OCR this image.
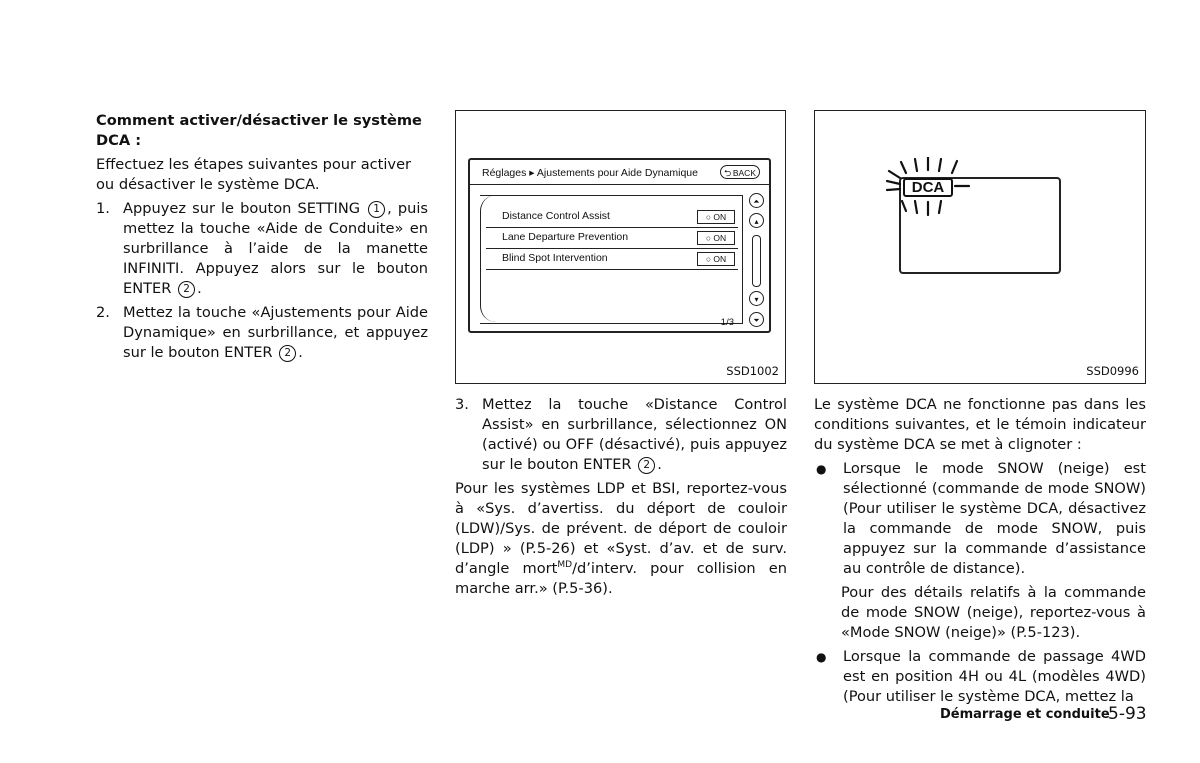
Comment activer/désactiver le système DCA :

Effectuez les étapes suivantes pour activer ou désactiver le système DCA.

1. Appuyez sur le bouton SETTING 1 , puis mettez la touche «Aide de Conduite» en surbrillance à l’aide de la manette INFINITI. Appuyez alors sur le bouton ENTER 2 .
2. Mettez la touche «Ajustements pour Aide Dynamique» en surbrillance, et appuyez sur le bouton ENTER 2 .
Réglages ▸ Ajustements pour Aide Dynamique	⮌ BACK
Distance Control Assist	○ ON
Lane Departure Prevention	○ ON
Blind Spot Intervention	○ ON
1/3
⏶
▴
▾
⏷
SSD1002
DCA
SSD0996
3. Mettez la touche «Distance Control Assist» en surbrillance, sélectionnez ON (activé) ou OFF (désactivé), puis appuyez sur le bouton ENTER 2 .

Pour les systèmes LDP et BSI, reportez-vous à «Sys. d’avertiss. du déport de couloir (LDW)/Sys. de prévent. de déport de couloir (LDP) » (P.5-26) et «Syst. d’av. et de surv. d’angle mort$^{MD}$/d’interv. pour collision en marche arr.» (P.5-36).

Le système DCA ne fonctionne pas dans les conditions suivantes, et le témoin indicateur du système DCA se met à clignoter :

●	Lorsque le mode SNOW (neige) est sélectionné (commande de mode SNOW) (Pour utiliser le système DCA, désactivez la commande de mode SNOW, puis appuyez sur la commande d’assistance au contrôle de distance).

Pour des détails relatifs à la commande de mode SNOW (neige), reportez-vous à «Mode SNOW (neige)» (P.5-123).

●	Lorsque la commande de passage 4WD est en position 4H ou 4L (modèles 4WD) (Pour utiliser le système DCA, mettez la
Démarrage et conduite
5-93
